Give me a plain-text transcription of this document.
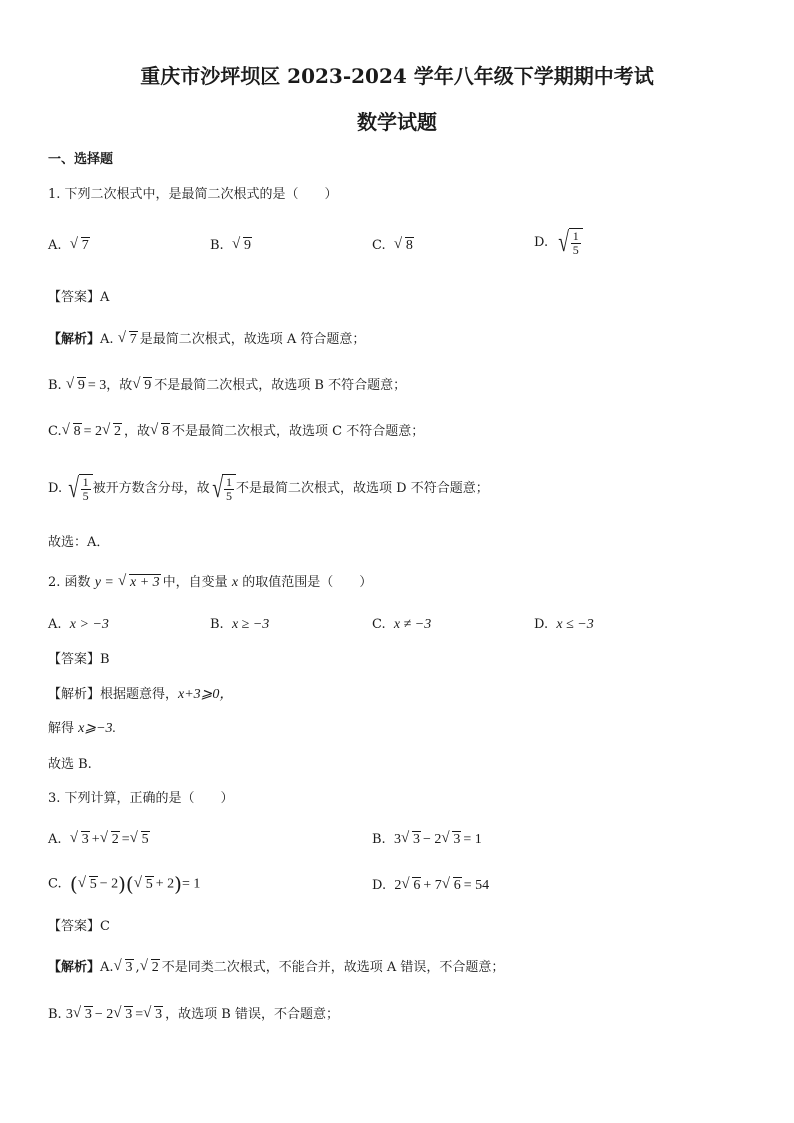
重庆市沙坪坝区 2023-2024 学年八年级下学期期中考试
数学试题
一、选择题
1. 下列二次根式中，是最简二次根式的是（　　）
A. √ 7	B. √ 9	C. √ 8	D. √ $\frac{1}{5}$
【答案】A
【解析】A. √ 7 是最简二次根式，故选项 A 符合题意；
B. √ 9 = 3，故 √ 9 不是最简二次根式，故选项 B 不符合题意；
C. √ 8 = 2 √ 2 ，故 √ 8 不是最简二次根式，故选项 C 不符合题意；
D. √ $\frac{1}{5}$ 被开方数含分母，故 √ $\frac{1}{5}$ 不是最简二次根式，故选项 D 不符合题意；
故选：A．
2. 函数 y = √ x + 3 中，自变量 x 的取值范围是（　　）
A. x > −3	B. x ≥ −3	C. x ≠ −3	D. x ≤ −3
【答案】B
【解析】根据题意得，x+3⩾0，
解得 x⩾−3.
故选 B.
3. 下列计算，正确的是（　　）
A. √ 3 + √ 2 = √ 5	B. 3 √ 3 − 2 √ 3 = 1
C. ( √ 5 − 2)( √ 5 + 2)= 1	D. 2 √ 6 + 7 √ 6 = 54
【答案】C
【解析】A. √ 3 , √ 2 不是同类二次根式，不能合并，故选项 A 错误，不合题意；
B. 3 √ 3 − 2 √ 3 = √ 3 ，故选项 B 错误，不合题意；
